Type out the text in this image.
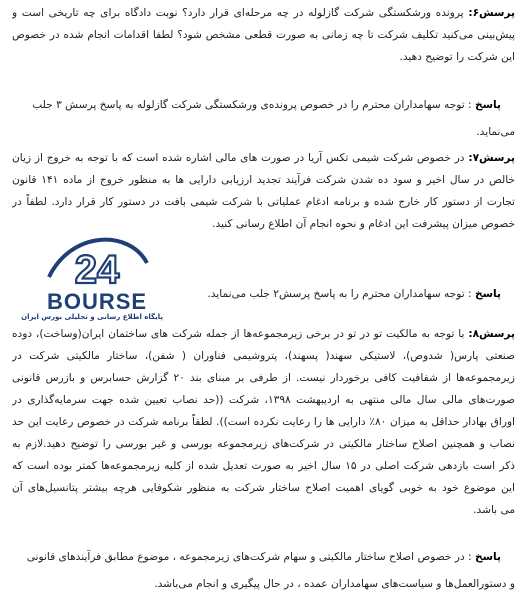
پرسش۶: پرونده ورشکستگی شرکت گازلوله در چه مرحله‌ای قرار دارد؟ نوبت دادگاه برای چه تاریخی است و
پیش‌بینی می‌کنید تکلیف شرکت تا چه زمانی به صورت قطعی مشخص شود؟ لطفا اقدامات انجام شده در خصوص
این شرکت را توضیح دهید.
پاسخ : توجه سهامداران محترم را در خصوص پرونده‌ی ورشکستگی شرکت گازلوله به پاسخ پرسش ۳ جلب
می‌نماید.
پرسش۷: در خصوص شرکت شیمی تکس آریا در صورت های مالی اشاره شده است که با توجه به خروج از زیان
خالص در سال اخیر و سود ده شدن شرکت فرآیند تجدید ارزیابی دارایی ها به منظور خروج از ماده ۱۴۱ قانون
تجارت از دستور کار خارج شده و برنامه ادغام عملیاتی با شرکت شیمی بافت در دستور کار قرار دارد. لطفاً در
خصوص میزان پیشرفت این ادغام و نحوه انجام آن اطلاع رسانی کنید.
24
BOURSE
پایگاه اطلاع رسانی و تحلیلی بورس ایران
پاسخ : توجه سهامداران محترم را به پاسخ پرسش۲ جلب می‌نماید.
پرسش۸: با توجه به مالکیت تو در تو در برخی زیرمجموعه‌ها از جمله شرکت های ساختمان ایران(وساخت)، دوده
صنعتی پارس( شدوص)، لاستیکی سهند( پسهند)، پتروشیمی فناوران ( شفن)، ساختار مالکیتی شرکت در
زیرمجموعه‌ها از شفافیت کافی برخوردار نیست. از طرفی بر مبنای بند ۲۰ گزارش حسابرس و بازرس قانونی
صورت‌های مالی سال مالی منتهی به اردیبهشت ۱۳۹۸، شرکت ((حد نصاب تعیین شده جهت سرمایه‌گذاری در
اوراق بهادار حداقل به میزان ۸۰٪ دارایی ها را رعایت نکرده است)). لطفاً برنامه شرکت در خصوص رعایت این حد
نصاب و همچنین اصلاح ساختار مالکیتی در شرکت‌های زیرمجموعه بورسی و غیر بورسی را توضیح دهید.لازم به
ذکر است بازدهی شرکت اصلی در ۱۵ سال اخیر به صورت تعدیل شده از کلیه زیرمجموعه‌ها کمتر بوده است که
این موضوع خود به خوبی گویای اهمیت اصلاح ساختار شرکت به منظور شکوفایی هرچه بیشتر پتانسیل‌های آن
می باشد.
پاسخ : در خصوص اصلاح ساختار مالکیتی و سهام شرکت‌های زیرمجموعه ، موضوع مطابق فرآیندهای قانونی
و دستورالعمل‌ها و سیاست‌های سهامداران عمده ، در حال پیگیری و انجام می‌باشد.
